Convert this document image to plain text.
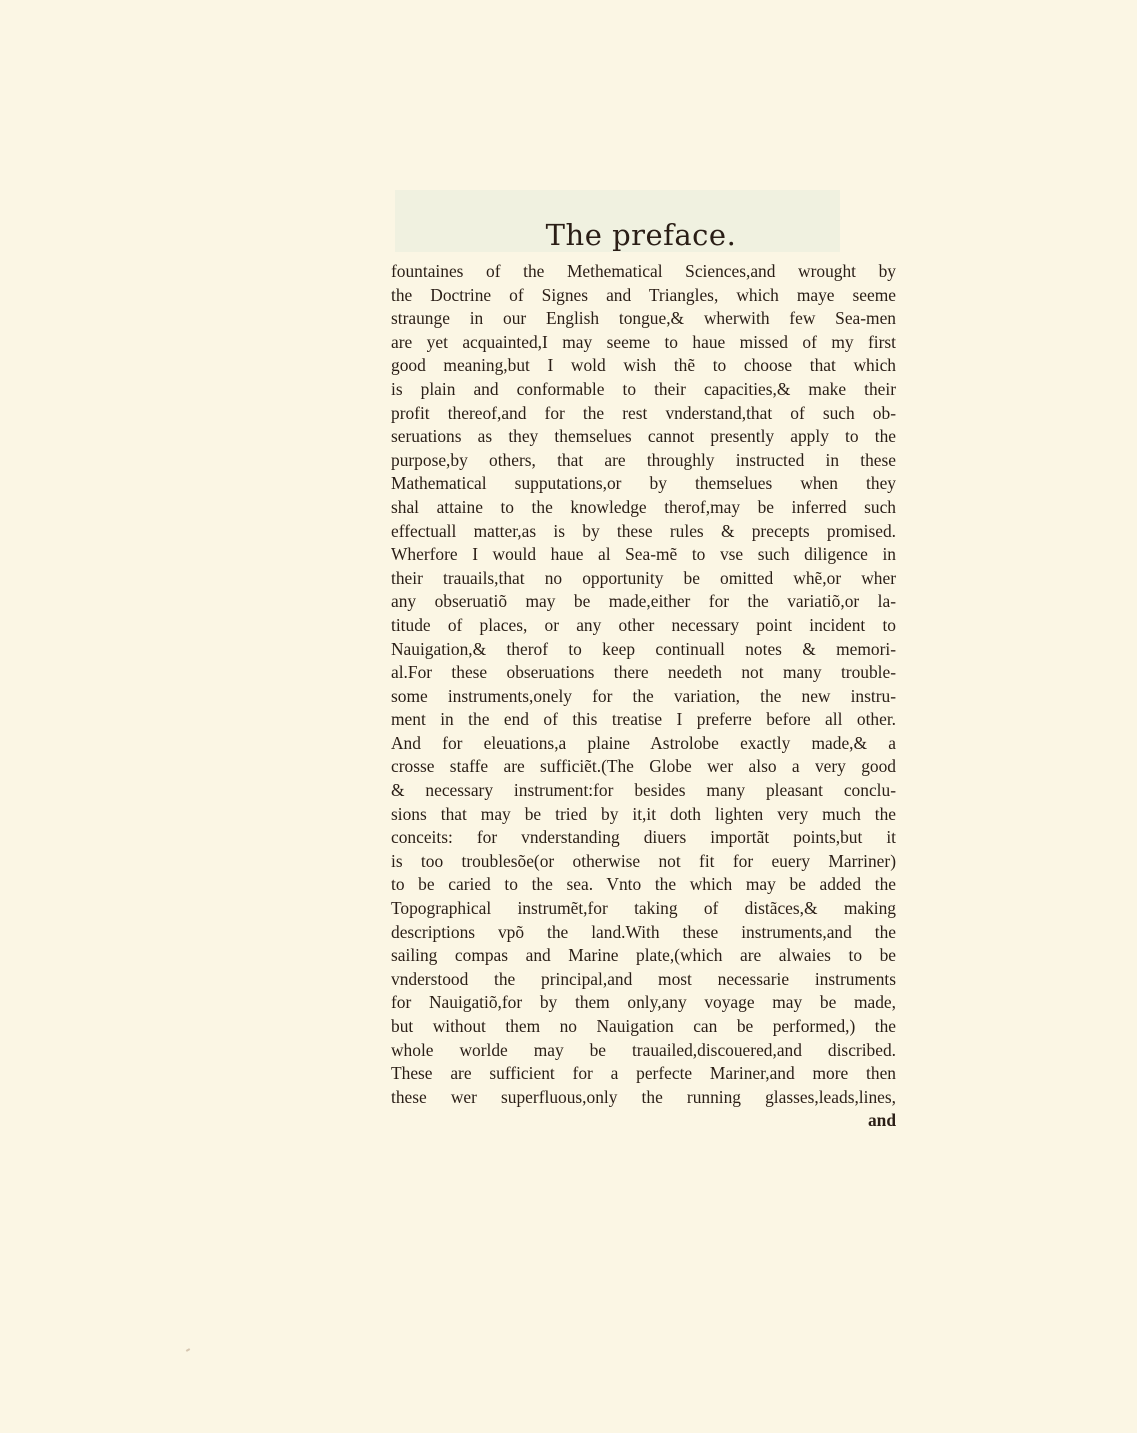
The preface.
fountaines of the Methematical Sciences,and wrought by
the Doctrine of Signes and Triangles, which maye seeme
straunge in our English tongue,& wherwith few Sea-men
are yet acquainted,I may seeme to haue missed of my first
good meaning,but I wold wish thẽ to choose that which
is plain and conformable to their capacities,& make their
profit thereof,and for the rest vnderstand,that of such ob-
seruations as they themselues cannot presently apply to the
purpose,by others, that are throughly instructed in these
Mathematical supputations,or by themselues when they
shal attaine to the knowledge therof,may be inferred such
effectuall matter,as is by these rules & precepts promised.
Wherfore I would haue al Sea-mẽ to vse such diligence in
their trauails,that no opportunity be omitted whẽ,or wher
any obseruatiõ may be made,either for the variatiõ,or la-
titude of places, or any other necessary point incident to
Nauigation,& therof to keep continuall notes & memori-
al.For these obseruations there needeth not many trouble-
some instruments,onely for the variation, the new instru-
ment in the end of this treatise I preferre before all other.
And for eleuations,a plaine Astrolobe exactly made,& a
crosse staffe are sufficiẽt.(The Globe wer also a very good
& necessary instrument:for besides many pleasant conclu-
sions that may be tried by it,it doth lighten very much the
conceits: for vnderstanding diuers importãt points,but it
is too troublesõe(or otherwise not fit for euery Marriner)
to be caried to the sea. Vnto the which may be added the
Topographical instrumẽt,for taking of distãces,& making
descriptions vpõ the land.With these instruments,and the
sailing compas and Marine plate,(which are alwaies to be
vnderstood the principal,and most necessarie instruments
for Nauigatiõ,for by them only,any voyage may be made,
but without them no Nauigation can be performed,) the
whole worlde may be trauailed,discouered,and discribed.
These are sufficient for a perfecte Mariner,and more then
these wer superfluous,only the running glasses,leads,lines,
and
